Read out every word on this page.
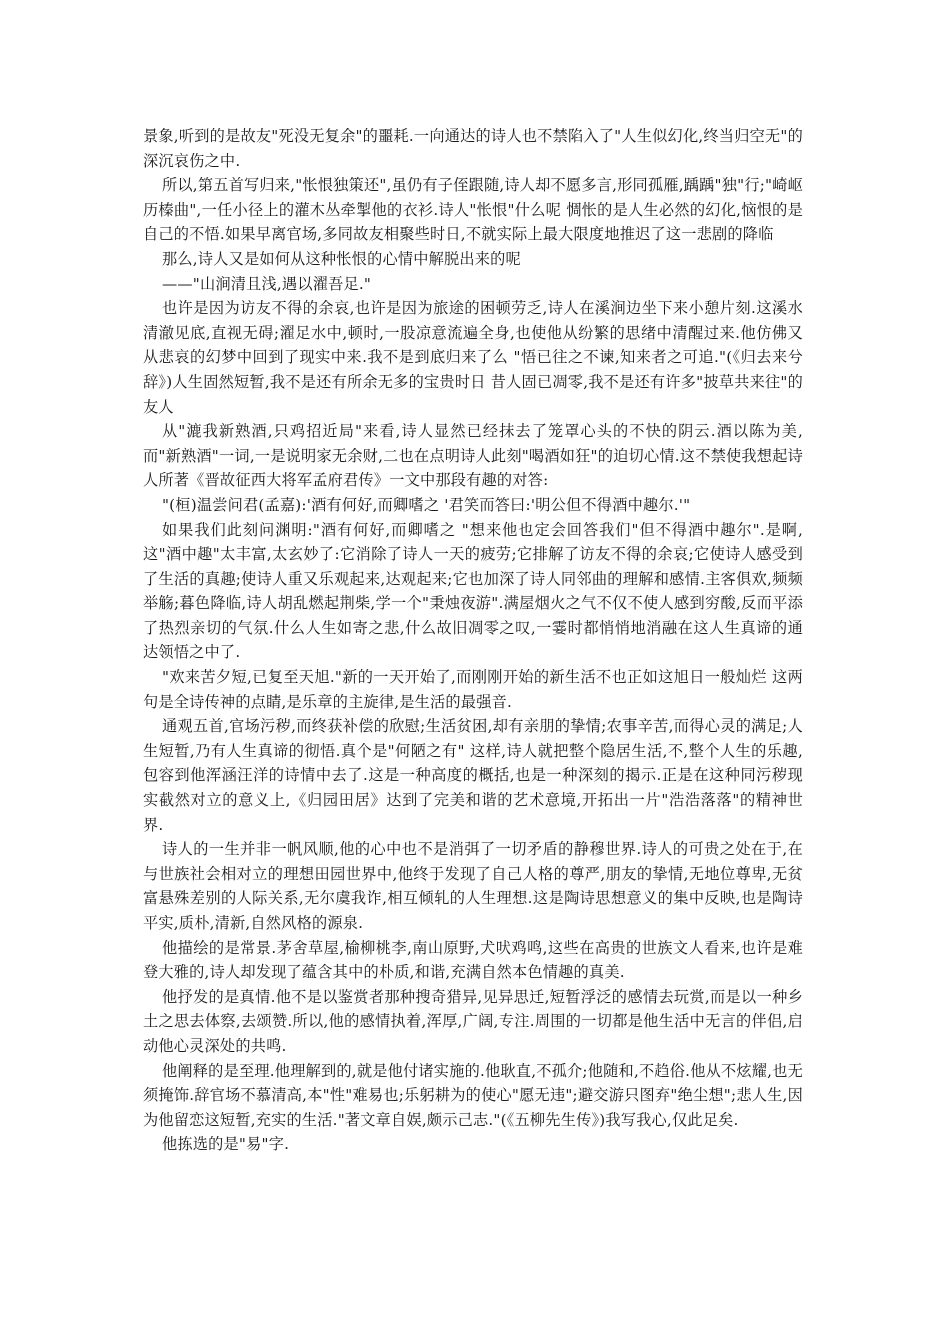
景象,听到的是故友"死没无复余"的噩耗.一向通达的诗人也不禁陷入了"人生似幻化,终当归空无"的深沉哀伤之中.

所以,第五首写归来,"怅恨独策还",虽仍有子侄跟随,诗人却不愿多言,形同孤雁,踽踽"独"行;"崎岖历榛曲",一任小径上的灌木丛牵掣他的衣衫.诗人"怅恨"什么呢 惆怅的是人生必然的幻化,恼恨的是自己的不悟.如果早离官场,多同故友相聚些时日,不就实际上最大限度地推迟了这一悲剧的降临

那么,诗人又是如何从这种怅恨的心情中解脱出来的呢

——"山涧清且浅,遇以濯吾足."

也许是因为访友不得的余哀,也许是因为旅途的困顿劳乏,诗人在溪涧边坐下来小憩片刻.这溪水清澈见底,直视无碍;濯足水中,顿时,一股凉意流遍全身,也使他从纷繁的思绪中清醒过来.他仿佛又从悲哀的幻梦中回到了现实中来.我不是到底归来了么 "悟已往之不谏,知来者之可追."(《归去来兮辞》)人生固然短暂,我不是还有所余无多的宝贵时日 昔人固已凋零,我不是还有许多"披草共来往"的友人

从"漉我新熟酒,只鸡招近局"来看,诗人显然已经抹去了笼罩心头的不快的阴云.酒以陈为美,而"新熟酒"一词,一是说明家无余财,二也在点明诗人此刻"喝酒如狂"的迫切心情.这不禁使我想起诗人所著《晋故征西大将军孟府君传》一文中那段有趣的对答:

"(桓)温尝问君(孟嘉):'酒有何好,而卿嗜之 '君笑而答曰:'明公但不得酒中趣尔.'"

如果我们此刻问渊明:"酒有何好,而卿嗜之 "想来他也定会回答我们"但不得酒中趣尔".是啊,这"酒中趣"太丰富,太玄妙了:它消除了诗人一天的疲劳;它排解了访友不得的余哀;它使诗人感受到了生活的真趣;使诗人重又乐观起来,达观起来;它也加深了诗人同邻曲的理解和感情.主客俱欢,频频举觞;暮色降临,诗人胡乱燃起荆柴,学一个"秉烛夜游".满屋烟火之气不仅不使人感到穷酸,反而平添了热烈亲切的气氛.什么人生如寄之悲,什么故旧凋零之叹,一霎时都悄悄地消融在这人生真谛的通达领悟之中了.

"欢来苦夕短,已复至天旭."新的一天开始了,而刚刚开始的新生活不也正如这旭日一般灿烂 这两句是全诗传神的点睛,是乐章的主旋律,是生活的最强音.

通观五首,官场污秽,而终获补偿的欣慰;生活贫困,却有亲朋的挚情;农事辛苦,而得心灵的满足;人生短暂,乃有人生真谛的彻悟.真个是"何陋之有" 这样,诗人就把整个隐居生活,不,整个人生的乐趣,包容到他浑涵汪洋的诗情中去了.这是一种高度的概括,也是一种深刻的揭示.正是在这种同污秽现实截然对立的意义上,《归园田居》达到了完美和谐的艺术意境,开拓出一片"浩浩落落"的精神世界.

诗人的一生并非一帆风顺,他的心中也不是消弭了一切矛盾的静穆世界.诗人的可贵之处在于,在与世族社会相对立的理想田园世界中,他终于发现了自己人格的尊严,朋友的挚情,无地位尊卑,无贫富悬殊差别的人际关系,无尔虞我诈,相互倾轧的人生理想.这是陶诗思想意义的集中反映,也是陶诗平实,质朴,清新,自然风格的源泉.

他描绘的是常景.茅舍草屋,榆柳桃李,南山原野,犬吠鸡鸣,这些在高贵的世族文人看来,也许是难登大雅的,诗人却发现了蕴含其中的朴质,和谐,充满自然本色情趣的真美.

他抒发的是真情.他不是以鉴赏者那种搜奇猎异,见异思迁,短暂浮泛的感情去玩赏,而是以一种乡土之思去体察,去颂赞.所以,他的感情执着,浑厚,广阔,专注.周围的一切都是他生活中无言的伴侣,启动他心灵深处的共鸣.

他阐释的是至理.他理解到的,就是他付诸实施的.他耿直,不孤介;他随和,不趋俗.他从不炫耀,也无须掩饰.辞官场不慕清高,本"性"难易也;乐躬耕为的使心"愿无违";避交游只图弃"绝尘想";悲人生,因为他留恋这短暂,充实的生活."著文章自娱,颇示己志."(《五柳先生传》)我写我心,仅此足矣.

他拣选的是"易"字.
